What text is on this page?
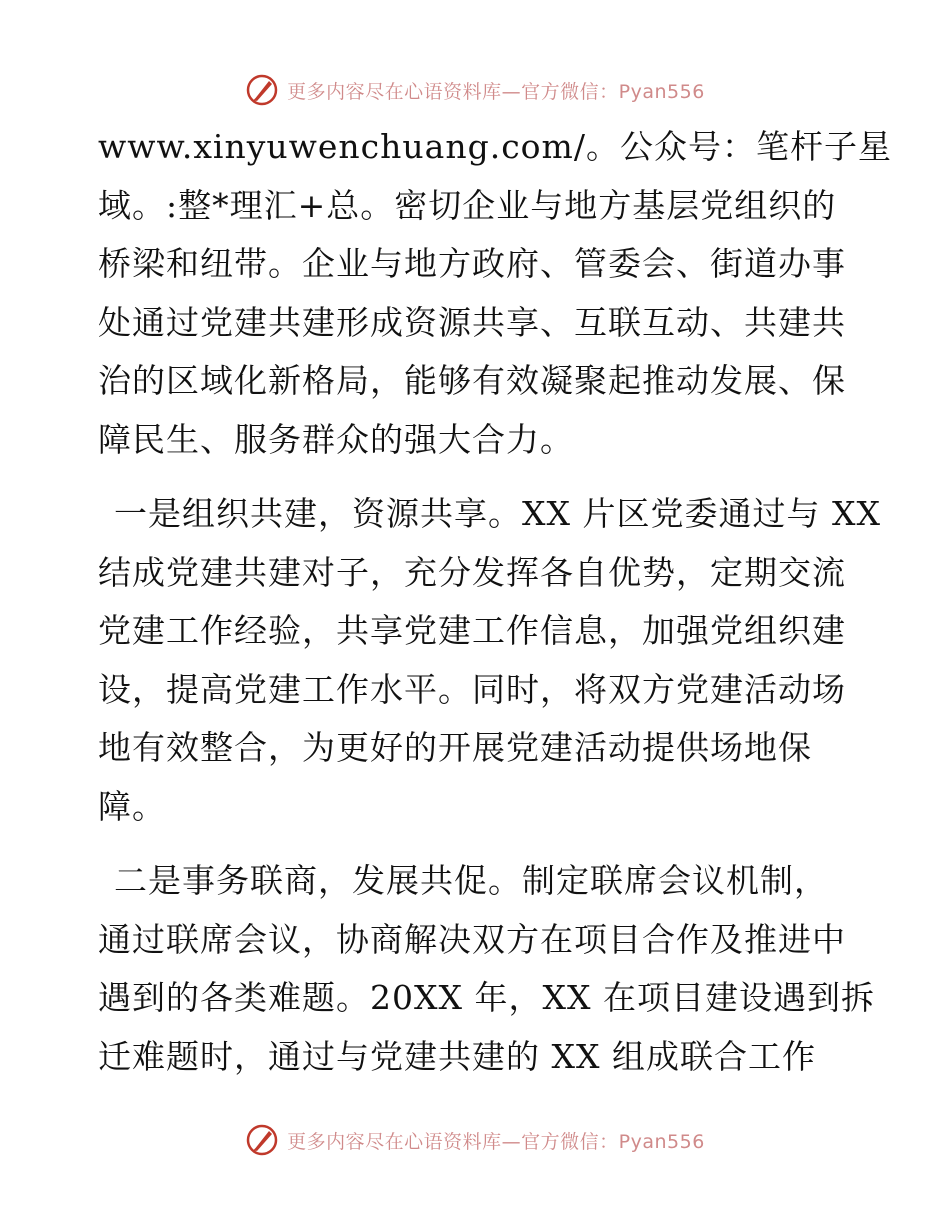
更多内容尽在心语资料库—官方微信：Pyan556
www.xinyuwenchuang.com/。公众号：笔杆子星
域。:整*理汇+总。密切企业与地方基层党组织的
桥梁和纽带。企业与地方政府、管委会、街道办事
处通过党建共建形成资源共享、互联互动、共建共
治的区域化新格局，能够有效凝聚起推动发展、保
障民生、服务群众的强大合力。
一是组织共建，资源共享。XX 片区党委通过与 XX
结成党建共建对子，充分发挥各自优势，定期交流
党建工作经验，共享党建工作信息，加强党组织建
设，提高党建工作水平。同时，将双方党建活动场
地有效整合，为更好的开展党建活动提供场地保
障。
二是事务联商，发展共促。制定联席会议机制，
通过联席会议，协商解决双方在项目合作及推进中
遇到的各类难题。20XX 年，XX 在项目建设遇到拆
迁难题时，通过与党建共建的 XX 组成联合工作
更多内容尽在心语资料库—官方微信：Pyan556
